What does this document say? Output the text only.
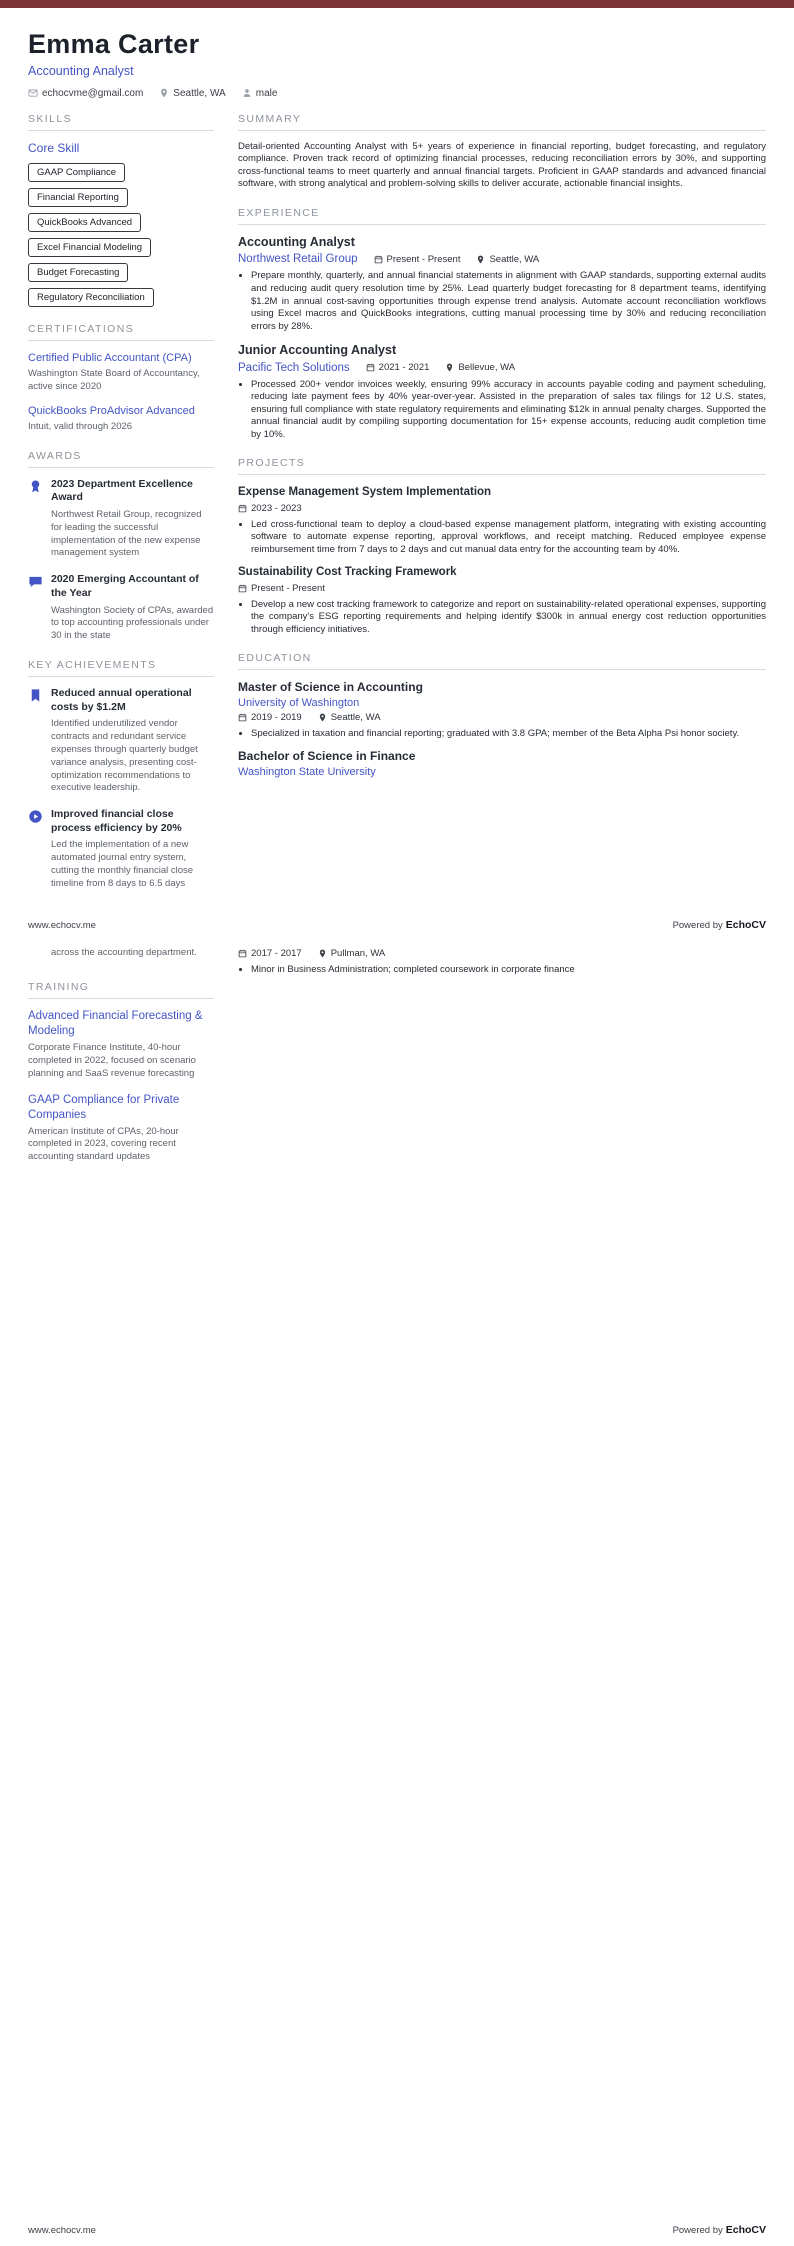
Emma Carter
Accounting Analyst
echocvme@gmail.com	Seattle, WA	male
SKILLS
Core Skill
GAAP Compliance
Financial Reporting
QuickBooks Advanced
Excel Financial Modeling
Budget Forecasting
Regulatory Reconciliation
CERTIFICATIONS
Certified Public Accountant (CPA)
Washington State Board of Accountancy, active since 2020
QuickBooks ProAdvisor Advanced
Intuit, valid through 2026
AWARDS
2023 Department Excellence Award
Northwest Retail Group, recognized for leading the successful implementation of the new expense management system
2020 Emerging Accountant of the Year
Washington Society of CPAs, awarded to top accounting professionals under 30 in the state
KEY ACHIEVEMENTS
Reduced annual operational costs by $1.2M
Identified underutilized vendor contracts and redundant service expenses through quarterly budget variance analysis, presenting cost-optimization recommendations to executive leadership.
Improved financial close process efficiency by 20%
Led the implementation of a new automated journal entry system, cutting the monthly financial close timeline from 8 days to 6.5 days
SUMMARY

Detail-oriented Accounting Analyst with 5+ years of experience in financial reporting, budget forecasting, and regulatory compliance. Proven track record of optimizing financial processes, reducing reconciliation errors by 30%, and supporting cross-functional teams to meet quarterly and annual financial targets. Proficient in GAAP standards and advanced financial software, with strong analytical and problem-solving skills to deliver accurate, actionable financial insights.

EXPERIENCE
Accounting Analyst
Northwest Retail Group	Present - Present	Seattle, WA
• Prepare monthly, quarterly, and annual financial statements in alignment with GAAP standards, supporting external audits and reducing audit query resolution time by 25%. Lead quarterly budget forecasting for 8 department teams, identifying $1.2M in annual cost-saving opportunities through expense trend analysis. Automate account reconciliation workflows using Excel macros and QuickBooks integrations, cutting manual processing time by 30% and reducing reconciliation errors by 28%.
Junior Accounting Analyst
Pacific Tech Solutions	2021 - 2021	Bellevue, WA
• Processed 200+ vendor invoices weekly, ensuring 99% accuracy in accounts payable coding and payment scheduling, reducing late payment fees by 40% year-over-year. Assisted in the preparation of sales tax filings for 12 U.S. states, ensuring full compliance with state regulatory requirements and eliminating $12k in annual penalty charges. Supported the annual financial audit by compiling supporting documentation for 15+ expense accounts, reducing audit completion time by 10%.
PROJECTS
Expense Management System Implementation
2023 - 2023
• Led cross-functional team to deploy a cloud-based expense management platform, integrating with existing accounting software to automate expense reporting, approval workflows, and receipt matching. Reduced employee expense reimbursement time from 7 days to 2 days and cut manual data entry for the accounting team by 40%.
Sustainability Cost Tracking Framework
Present - Present
• Develop a new cost tracking framework to categorize and report on sustainability-related operational expenses, supporting the company's ESG reporting requirements and helping identify $300k in annual energy cost reduction opportunities through efficiency initiatives.
EDUCATION
Master of Science in Accounting
University of Washington
2019 - 2019	Seattle, WA
• Specialized in taxation and financial reporting; graduated with 3.8 GPA; member of the Beta Alpha Psi honor society.
Bachelor of Science in Finance
Washington State University
www.echocv.me	Powered by EchoCV
across the accounting department.
TRAINING
Advanced Financial Forecasting & Modeling
Corporate Finance Institute, 40-hour completed in 2022, focused on scenario planning and SaaS revenue forecasting
GAAP Compliance for Private Companies
American Institute of CPAs, 20-hour completed in 2023, covering recent accounting standard updates
2017 - 2017	Pullman, WA
• Minor in Business Administration; completed coursework in corporate finance
www.echocv.me	Powered by EchoCV
